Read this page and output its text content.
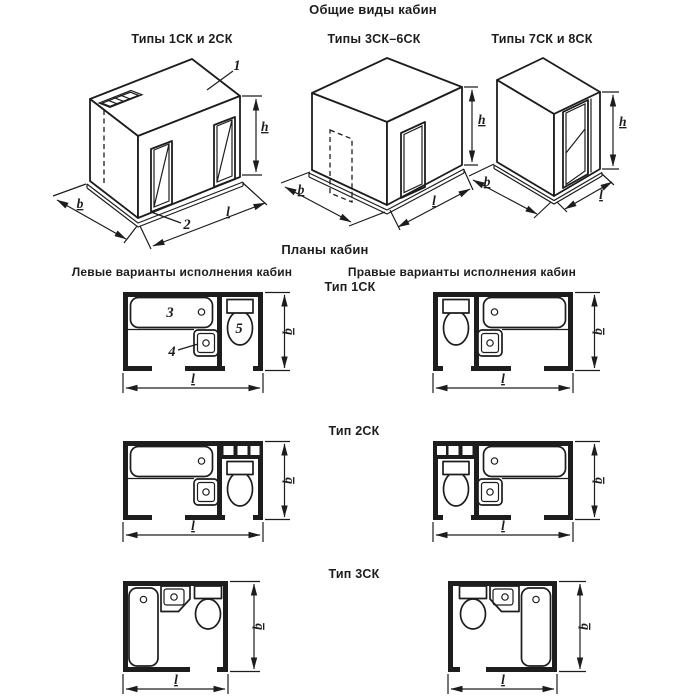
Общие виды кабин
Типы 1СК и 2СК	Типы 3СК–6СК	Типы 7СК и 8СК
Планы кабин
Левые варианты исполнения кабин	Правые варианты исполнения кабин
Тип 1СК
Тип 2СК
Тип 3СК
1
2
h
b
l
h
b
l
h
b
l
3
4
5	b
l
b
l
b
l
b
l
b
l
b
l
